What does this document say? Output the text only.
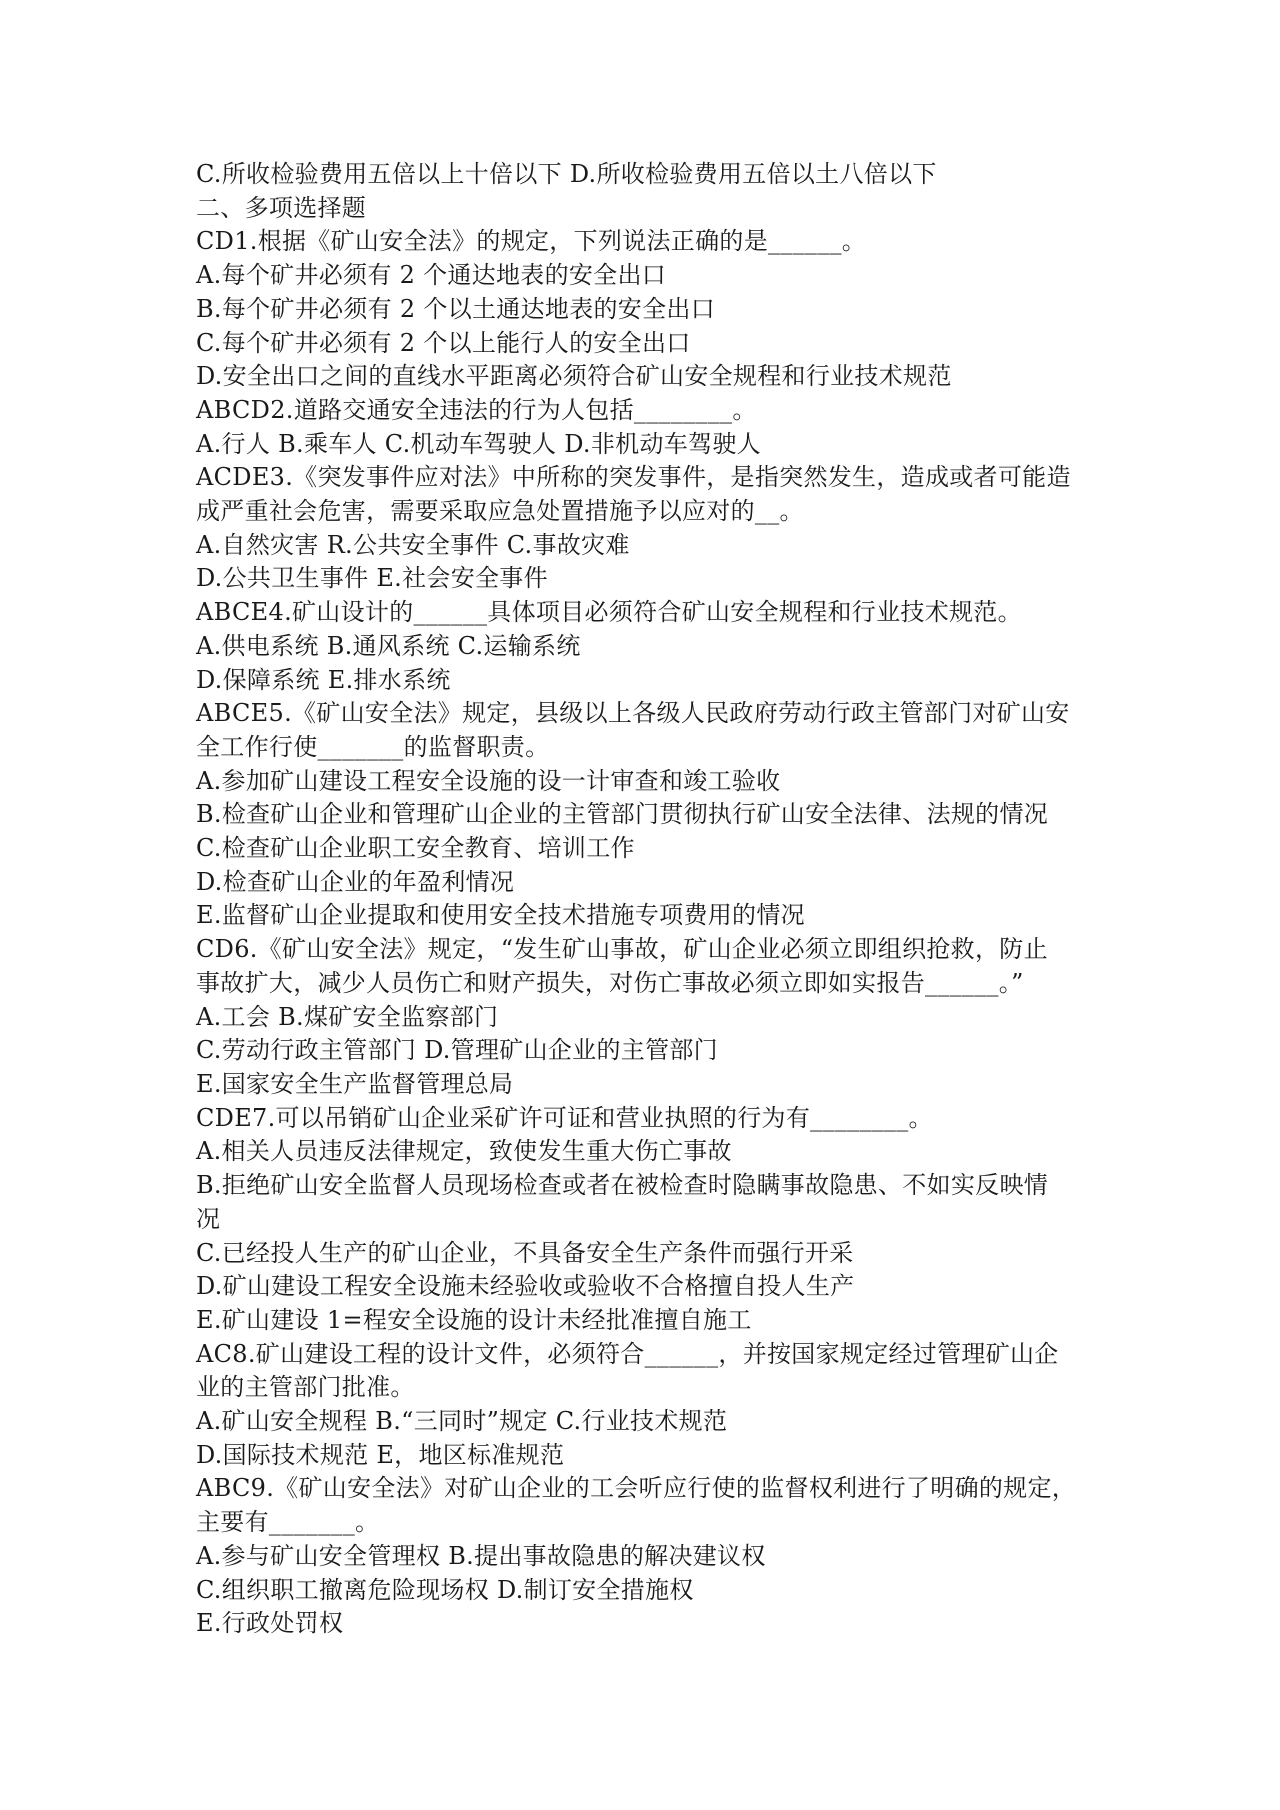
C.所收检验费用五倍以上十倍以下 D.所收检验费用五倍以土八倍以下
二、多项选择题
CD1.根据《矿山安全法》的规定，下列说法正确的是______。
A.每个矿井必须有 2 个通达地表的安全出口
B.每个矿井必须有 2 个以土通达地表的安全出口
C.每个矿井必须有 2 个以上能行人的安全出口
D.安全出口之间的直线水平距离必须符合矿山安全规程和行业技术规范
ABCD2.道路交通安全违法的行为人包括________。
A.行人 B.乘车人 C.机动车驾驶人 D.非机动车驾驶人
ACDE3.《突发事件应对法》中所称的突发事件，是指突然发生，造成或者可能造
成严重社会危害，需要采取应急处置措施予以应对的__。
A.自然灾害 R.公共安全事件 C.事故灾难
D.公共卫生事件 E.社会安全事件
ABCE4.矿山设计的______具体项目必须符合矿山安全规程和行业技术规范。
A.供电系统 B.通风系统 C.运输系统
D.保障系统 E.排水系统
ABCE5.《矿山安全法》规定，县级以上各级人民政府劳动行政主管部门对矿山安
全工作行使_______的监督职责。
A.参加矿山建设工程安全设施的设一计审查和竣工验收
B.检查矿山企业和管理矿山企业的主管部门贯彻执行矿山安全法律、法规的情况
C.检查矿山企业职工安全教育、培训工作
D.检查矿山企业的年盈利情况
E.监督矿山企业提取和使用安全技术措施专项费用的情况
CD6.《矿山安全法》规定，“发生矿山事故，矿山企业必须立即组织抢救，防止
事故扩大，减少人员伤亡和财产损失，对伤亡事故必须立即如实报告______。”
A.工会 B.煤矿安全监察部门
C.劳动行政主管部门 D.管理矿山企业的主管部门
E.国家安全生产监督管理总局
CDE7.可以吊销矿山企业采矿许可证和营业执照的行为有________。
A.相关人员违反法律规定，致使发生重大伤亡事故
B.拒绝矿山安全监督人员现场检查或者在被检查时隐瞒事故隐患、不如实反映情
况
C.已经投人生产的矿山企业，不具备安全生产条件而强行开采
D.矿山建设工程安全设施未经验收或验收不合格擅自投人生产
E.矿山建设 1=程安全设施的设计未经批准擅自施工
AC8.矿山建设工程的设计文件，必须符合______，并按国家规定经过管理矿山企
业的主管部门批准。
A.矿山安全规程 B.“三同时”规定 C.行业技术规范
D.国际技术规范 E，地区标准规范
ABC9.《矿山安全法》对矿山企业的工会听应行使的监督权利进行了明确的规定，
主要有_______。
A.参与矿山安全管理权 B.提出事故隐患的解决建议权
C.组织职工撤离危险现场权 D.制订安全措施权
E.行政处罚权
